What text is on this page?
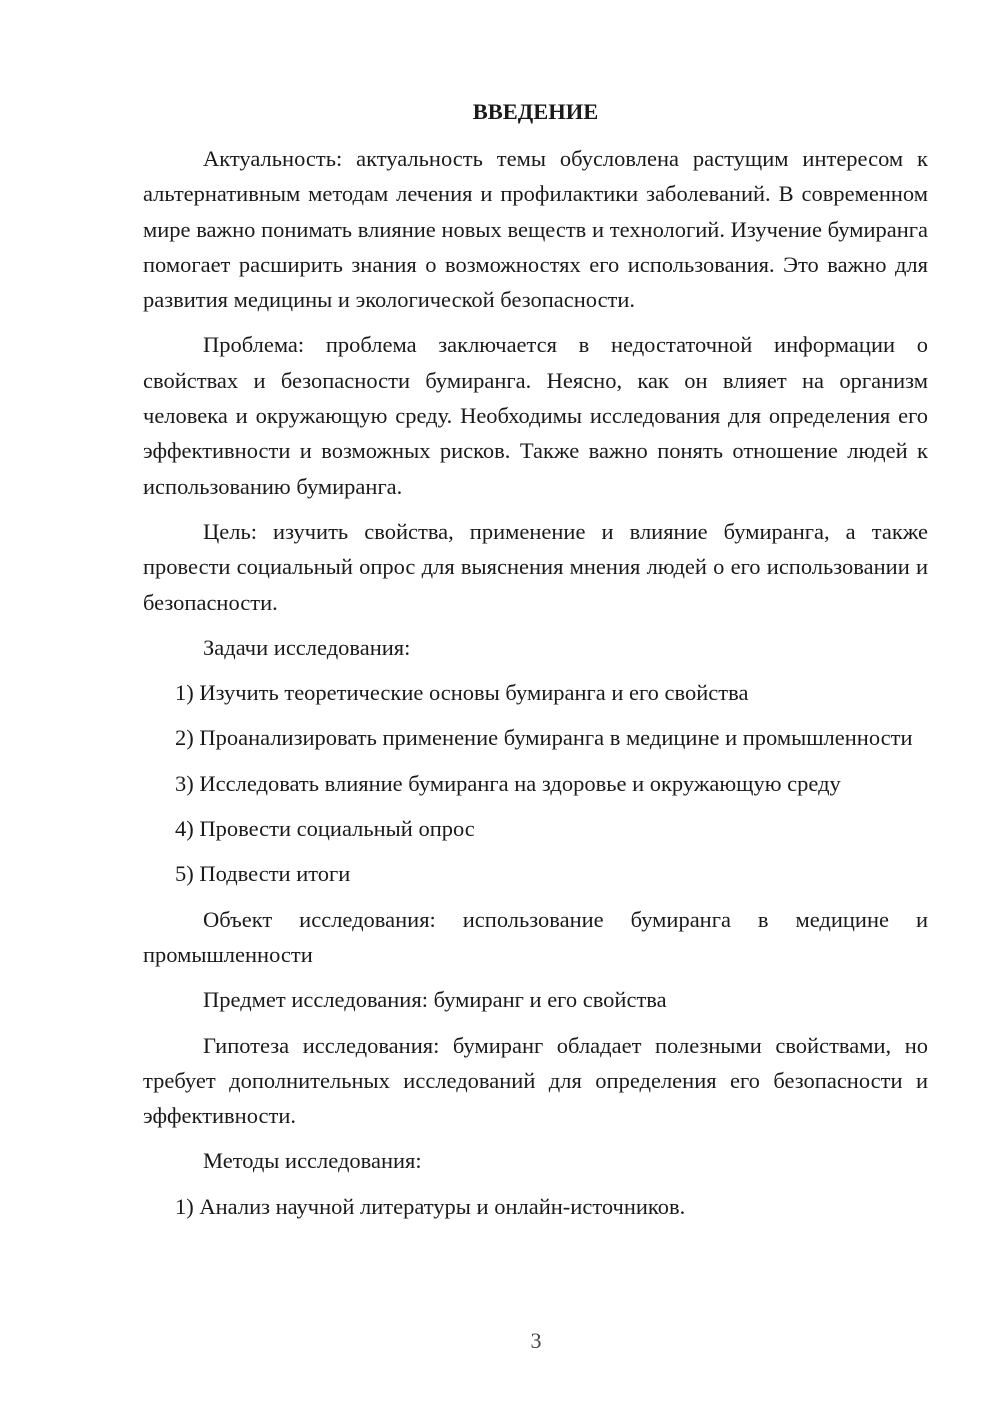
ВВЕДЕНИЕ

Актуальность: актуальность темы обусловлена растущим интересом к альтернативным методам лечения и профилактики заболеваний. В современном мире важно понимать влияние новых веществ и технологий. Изучение бумиранга помогает расширить знания о возможностях его использования. Это важно для развития медицины и экологической безопасности.

Проблема: проблема заключается в недостаточной информации о свойствах и безопасности бумиранга. Неясно, как он влияет на организм человека и окружающую среду. Необходимы исследования для определения его эффективности и возможных рисков. Также важно понять отношение людей к использованию бумиранга.

Цель: изучить свойства, применение и влияние бумиранга, а также провести социальный опрос для выяснения мнения людей о его использовании и безопасности.

Задачи исследования:

1) Изучить теоретические основы бумиранга и его свойства

2) Проанализировать применение бумиранга в медицине и промышленности

3) Исследовать влияние бумиранга на здоровье и окружающую среду

4) Провести социальный опрос

5) Подвести итоги

Объект исследования: использование бумиранга в медицине и промышленности

Предмет исследования: бумиранг и его свойства

Гипотеза исследования: бумиранг обладает полезными свойствами, но требует дополнительных исследований для определения его безопасности и эффективности.

Методы исследования:

1) Анализ научной литературы и онлайн-источников.

3
